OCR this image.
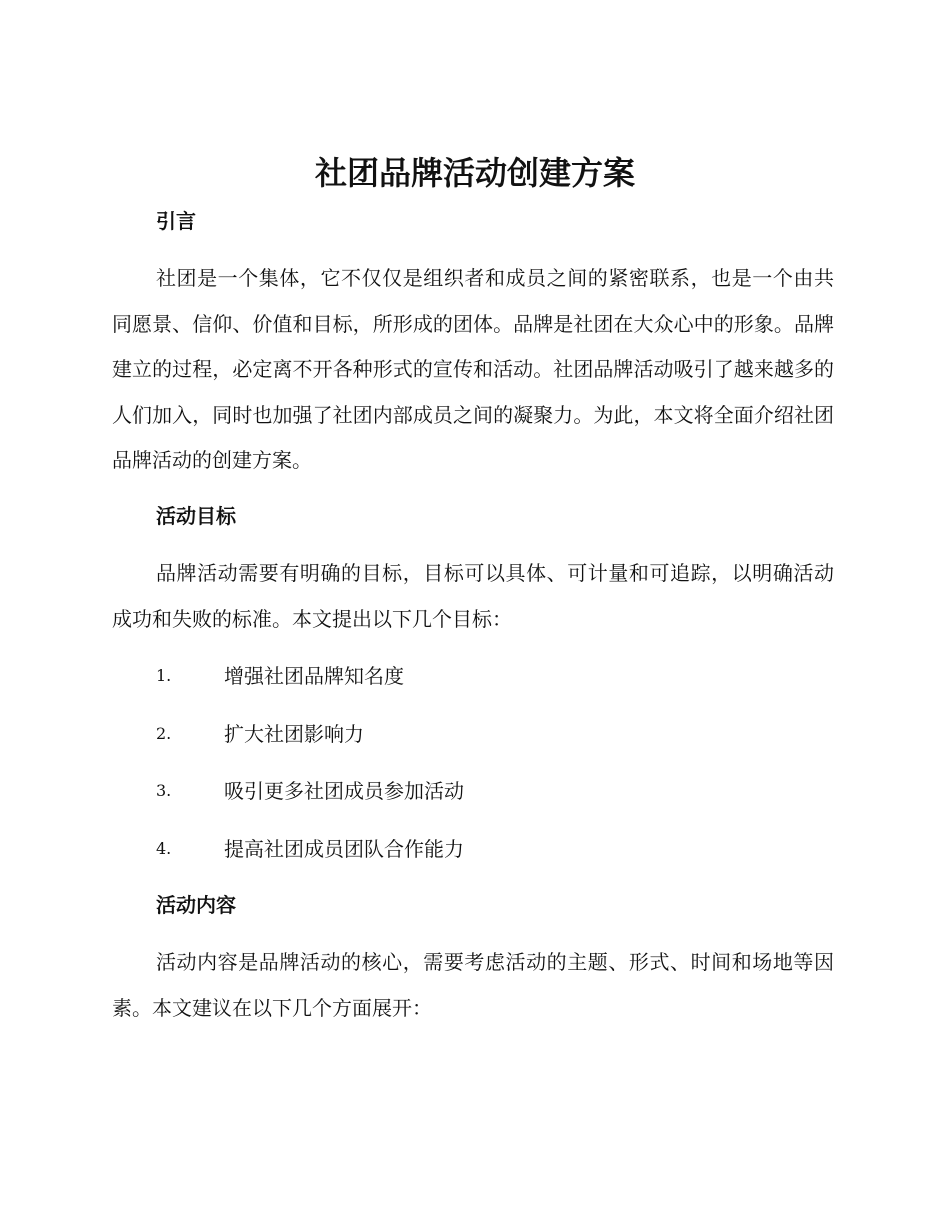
社团品牌活动创建方案
引言

社团是一个集体，它不仅仅是组织者和成员之间的紧密联系，也是一个由共同愿景、信仰、价值和目标，所形成的团体。品牌是社团在大众心中的形象。品牌建立的过程，必定离不开各种形式的宣传和活动。社团品牌活动吸引了越来越多的人们加入，同时也加强了社团内部成员之间的凝聚力。为此，本文将全面介绍社团品牌活动的创建方案。

活动目标

品牌活动需要有明确的目标，目标可以具体、可计量和可追踪，以明确活动成功和失败的标准。本文提出以下几个目标：

1.	增强社团品牌知名度
2.	扩大社团影响力
3.	吸引更多社团成员参加活动
4.	提高社团成员团队合作能力
活动内容

活动内容是品牌活动的核心，需要考虑活动的主题、形式、时间和场地等因素。本文建议在以下几个方面展开：
